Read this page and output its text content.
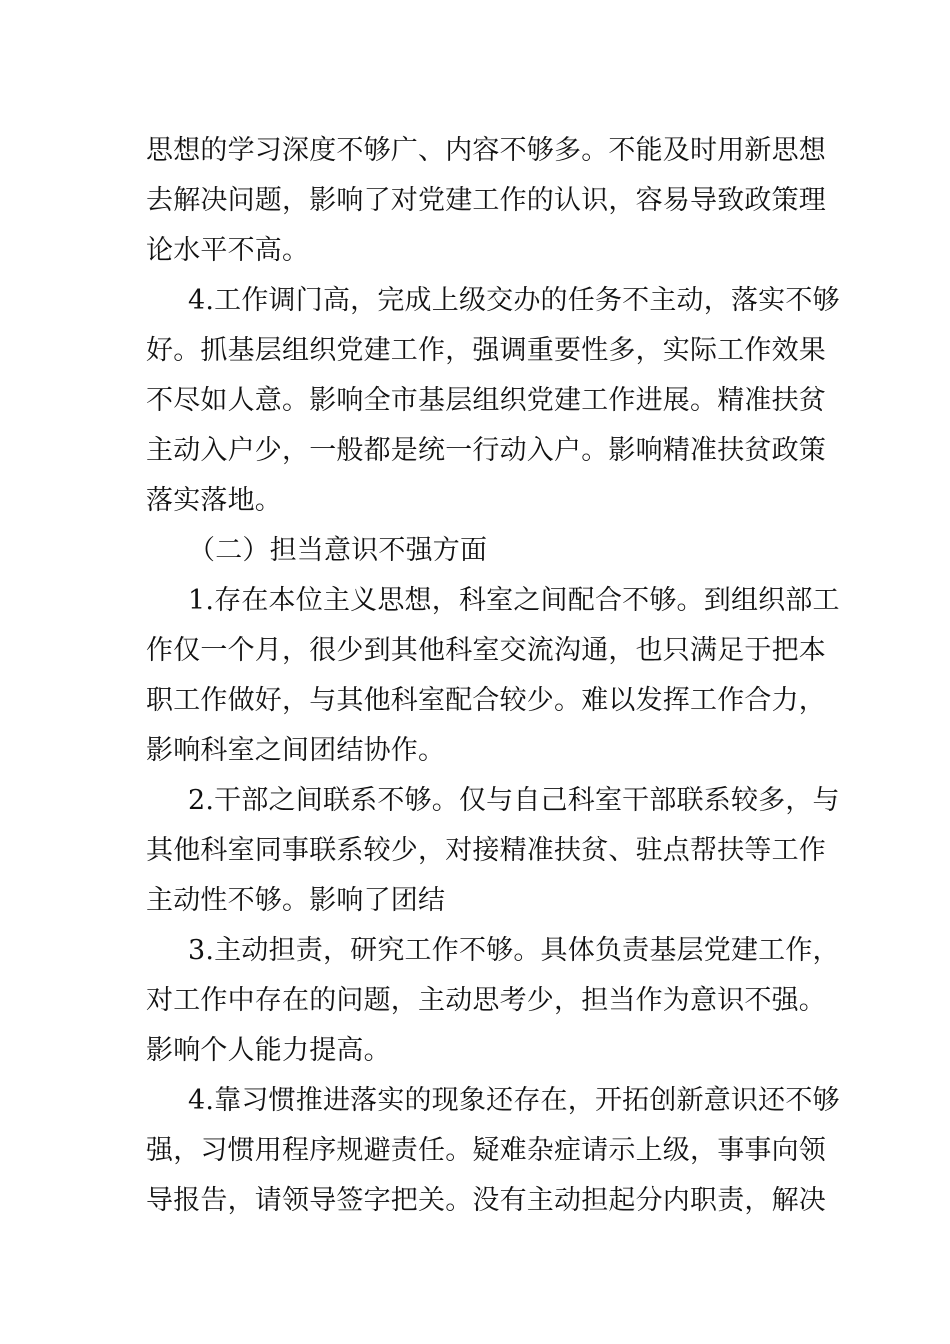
思想的学习深度不够广、内容不够多。不能及时用新思想
去解决问题，影响了对党建工作的认识，容易导致政策理
论水平不高。
4.工作调门高，完成上级交办的任务不主动，落实不够
好。抓基层组织党建工作，强调重要性多，实际工作效果
不尽如人意。影响全市基层组织党建工作进展。精准扶贫
主动入户少，一般都是统一行动入户。影响精准扶贫政策
落实落地。
（二）担当意识不强方面
1.存在本位主义思想，科室之间配合不够。到组织部工
作仅一个月，很少到其他科室交流沟通，也只满足于把本
职工作做好，与其他科室配合较少。难以发挥工作合力，
影响科室之间团结协作。
2.干部之间联系不够。仅与自己科室干部联系较多，与
其他科室同事联系较少，对接精准扶贫、驻点帮扶等工作
主动性不够。影响了团结
3.主动担责，研究工作不够。具体负责基层党建工作，
对工作中存在的问题，主动思考少，担当作为意识不强。
影响个人能力提高。
4.靠习惯推进落实的现象还存在，开拓创新意识还不够
强，习惯用程序规避责任。疑难杂症请示上级，事事向领
导报告，请领导签字把关。没有主动担起分内职责，解决
